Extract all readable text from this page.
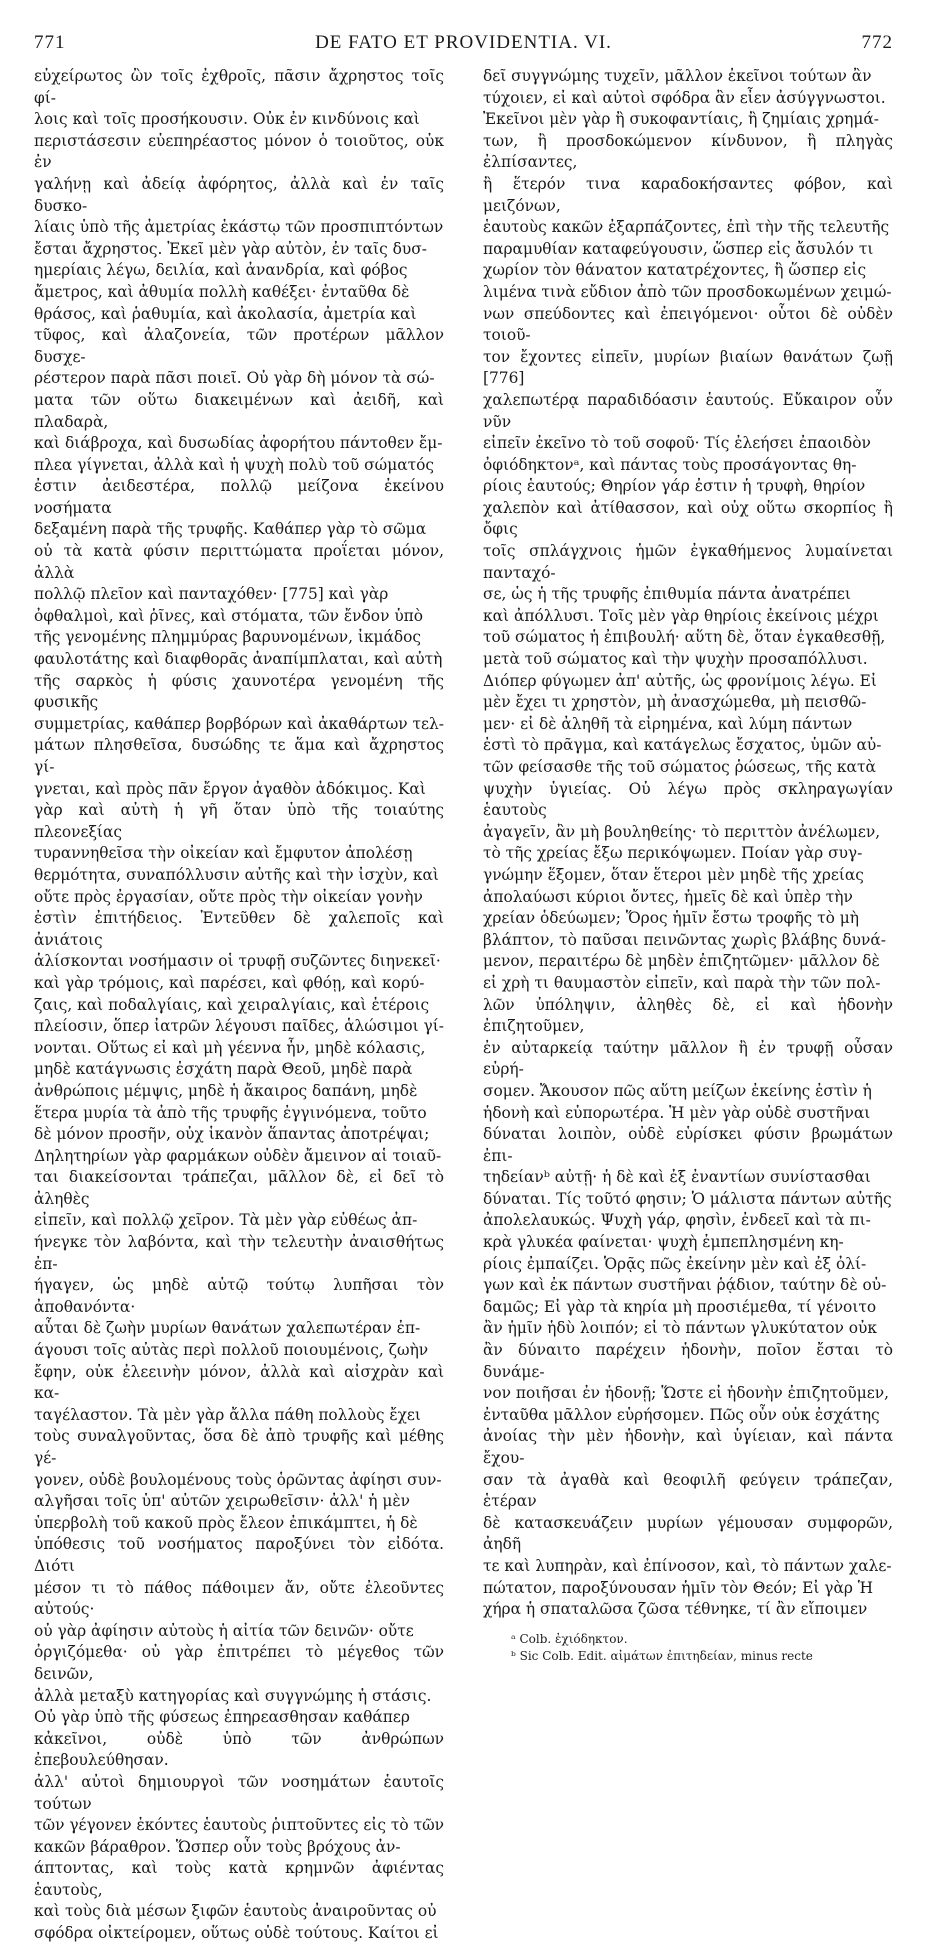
771	DE FATO ET PROVIDENTIA. VI.	772

εὐχείρωτος ὢν τοῖς ἐχθροῖς, πᾶσιν ἄχρηστος τοῖς φί-

λοις καὶ τοῖς προσήκουσιν. Οὐκ ἐν κινδύνοις καὶ

περιστάσεσιν εὐεπηρέαστος μόνον ὁ τοιοῦτος, οὐκ ἐν

γαλήνῃ καὶ ἀδείᾳ ἀφόρητος, ἀλλὰ καὶ ἐν ταῖς δυσκο-

λίαις ὑπὸ τῆς ἀμετρίας ἑκάστῳ τῶν προσπιπτόντων

ἔσται ἄχρηστος. Ἐκεῖ μὲν γὰρ αὐτὸν, ἐν ταῖς δυσ-

ημερίαις λέγω, δειλία, καὶ ἀνανδρία, καὶ φόβος

ἄμετρος, καὶ ἀθυμία πολλὴ καθέξει· ἐνταῦθα δὲ

θράσος, καὶ ῥαθυμία, καὶ ἀκολασία, ἀμετρία καὶ

τῦφος, καὶ ἀλαζονεία, τῶν προτέρων μᾶλλον δυσχε-

ρέστερον παρὰ πᾶσι ποιεῖ. Οὐ γὰρ δὴ μόνον τὰ σώ-

ματα τῶν οὕτω διακειμένων καὶ ἀειδῆ, καὶ πλαδαρὰ,

καὶ διάβροχα, καὶ δυσωδίας ἀφορήτου πάντοθεν ἔμ-

πλεα γίγνεται, ἀλλὰ καὶ ἡ ψυχὴ πολὺ τοῦ σώματός

ἐστιν ἀειδεστέρα, πολλῷ μείζονα ἐκείνου νοσήματα

δεξαμένη παρὰ τῆς τρυφῆς. Καθάπερ γὰρ τὸ σῶμα

οὐ τὰ κατὰ φύσιν περιττώματα προΐεται μόνον, ἀλλὰ

πολλῷ πλεῖον καὶ πανταχόθεν· [775] καὶ γὰρ

ὀφθαλμοὶ, καὶ ῥῖνες, καὶ στόματα, τῶν ἔνδον ὑπὸ

τῆς γενομένης πλημμύρας βαρυνομένων, ἰκμάδος

φαυλοτάτης καὶ διαφθορᾶς ἀναπίμπλαται, καὶ αὐτὴ

τῆς σαρκὸς ἡ φύσις χαυνοτέρα γενομένη τῆς φυσικῆς

συμμετρίας, καθάπερ βορβόρων καὶ ἀκαθάρτων τελ-

μάτων πλησθεῖσα, δυσώδης τε ἅμα καὶ ἄχρηστος γί-

γνεται, καὶ πρὸς πᾶν ἔργον ἀγαθὸν ἀδόκιμος. Καὶ

γὰρ καὶ αὐτὴ ἡ γῆ ὅταν ὑπὸ τῆς τοιαύτης πλεονεξίας

τυραννηθεῖσα τὴν οἰκείαν καὶ ἔμφυτον ἀπολέσῃ

θερμότητα, συναπόλλυσιν αὐτῆς καὶ τὴν ἰσχὺν, καὶ

οὔτε πρὸς ἐργασίαν, οὔτε πρὸς τὴν οἰκείαν γονὴν

ἐστὶν ἐπιτήδειος. Ἐντεῦθεν δὲ χαλεποῖς καὶ ἀνιάτοις

ἁλίσκονται νοσήμασιν οἱ τρυφῇ συζῶντες διηνεκεῖ·

καὶ γὰρ τρόμοις, καὶ παρέσει, καὶ φθόῃ, καὶ κορύ-

ζαις, καὶ ποδαλγίαις, καὶ χειραλγίαις, καὶ ἑτέροις

πλείοσιν, ὅπερ ἰατρῶν λέγουσι παῖδες, ἁλώσιμοι γί-

νονται. Οὕτως εἰ καὶ μὴ γέεννα ἦν, μηδὲ κόλασις,

μηδὲ κατάγνωσις ἐσχάτη παρὰ Θεοῦ, μηδὲ παρὰ

ἀνθρώποις μέμψις, μηδὲ ἡ ἄκαιρος δαπάνη, μηδὲ

ἕτερα μυρία τὰ ἀπὸ τῆς τρυφῆς ἐγγινόμενα, τοῦτο

δὲ μόνον προσῆν, οὐχ ἱκανὸν ἅπαντας ἀποτρέψαι;

Δηλητηρίων γὰρ φαρμάκων οὐδὲν ἄμεινον αἱ τοιαῦ-

ται διακείσονται τράπεζαι, μᾶλλον δὲ, εἰ δεῖ τὸ ἀληθὲς

εἰπεῖν, καὶ πολλῷ χεῖρον. Τὰ μὲν γὰρ εὐθέως ἀπ-

ήνεγκε τὸν λαβόντα, καὶ τὴν τελευτὴν ἀναισθήτως ἐπ-

ήγαγεν, ὡς μηδὲ αὐτῷ τούτῳ λυπῆσαι τὸν ἀποθανόντα·

αὗται δὲ ζωὴν μυρίων θανάτων χαλεπωτέραν ἐπ-

άγουσι τοῖς αὐτὰς περὶ πολλοῦ ποιουμένοις, ζωὴν

ἔφην, οὐκ ἐλεεινὴν μόνον, ἀλλὰ καὶ αἰσχρὰν καὶ κα-

ταγέλαστον. Τὰ μὲν γὰρ ἄλλα πάθη πολλοὺς ἔχει

τοὺς συναλγοῦντας, ὅσα δὲ ἀπὸ τρυφῆς καὶ μέθης γέ-

γονεν, οὐδὲ βουλομένους τοὺς ὁρῶντας ἀφίησι συν-

αλγῆσαι τοῖς ὑπ' αὐτῶν χειρωθεῖσιν· ἀλλ' ἡ μὲν

ὑπερβολὴ τοῦ κακοῦ πρὸς ἔλεον ἐπικάμπτει, ἡ δὲ

ὑπόθεσις τοῦ νοσήματος παροξύνει τὸν εἰδότα. Διότι

μέσον τι τὸ πάθος πάθοιμεν ἄν, οὔτε ἐλεοῦντες αὐτούς·

οὐ γὰρ ἀφίησιν αὐτοὺς ἡ αἰτία τῶν δεινῶν· οὔτε

ὀργιζόμεθα· οὐ γὰρ ἐπιτρέπει τὸ μέγεθος τῶν δεινῶν,

ἀλλὰ μεταξὺ κατηγορίας καὶ συγγνώμης ἡ στάσις.

Οὐ γὰρ ὑπὸ τῆς φύσεως ἐπηρεασθησαν καθάπερ

κἀκεῖνοι, οὐδὲ ὑπὸ τῶν ἀνθρώπων ἐπεβουλεύθησαν.

ἀλλ' αὐτοὶ δημιουργοὶ τῶν νοσημάτων ἑαυτοῖς τούτων

τῶν γέγονεν ἑκόντες ἑαυτοὺς ῥιπτοῦντες εἰς τὸ τῶν

κακῶν βάραθρον. Ὥσπερ οὖν τοὺς βρόχους ἀν-

άπτοντας, καὶ τοὺς κατὰ κρημνῶν ἀφιέντας ἑαυτοὺς,

καὶ τοὺς διὰ μέσων ξιφῶν ἑαυτοὺς ἀναιροῦντας οὐ

σφόδρα οἰκτείρομεν, οὕτως οὐδὲ τούτους. Καίτοι εἰ

δεῖ συγγνώμης τυχεῖν, μᾶλλον ἐκεῖνοι τούτων ἂν

τύχοιεν, εἰ καὶ αὐτοὶ σφόδρα ἂν εἶεν ἀσύγγνωστοι.

Ἐκεῖνοι μὲν γὰρ ἢ συκοφαντίαις, ἢ ζημίαις χρημά-

των, ἢ προσδοκώμενον κίνδυνον, ἢ πληγὰς ἐλπίσαντες,

ἢ ἕτερόν τινα καραδοκήσαντες φόβον, καὶ μειζόνων,

ἑαυτοὺς κακῶν ἐξαρπάζοντες, ἐπὶ τὴν τῆς τελευτῆς

παραμυθίαν καταφεύγουσιν, ὥσπερ εἰς ἄσυλόν τι

χωρίον τὸν θάνατον κατατρέχοντες, ἢ ὥσπερ εἰς

λιμένα τινὰ εὔδιον ἀπὸ τῶν προσδοκωμένων χειμώ-

νων σπεύδοντες καὶ ἐπειγόμενοι· οὗτοι δὲ οὐδὲν τοιοῦ-

τον ἔχοντες εἰπεῖν, μυρίων βιαίων θανάτων ζωῇ [776]

χαλεπωτέρᾳ παραδιδόασιν ἑαυτούς. Εὔκαιρον οὖν νῦν

εἰπεῖν ἐκεῖνο τὸ τοῦ σοφοῦ· Τίς ἐλεήσει ἐπαοιδὸν

ὀφιόδηκτονᵃ, καὶ πάντας τοὺς προσάγοντας θη-

ρίοις ἑαυτούς; Θηρίον γάρ ἐστιν ἡ τρυφὴ, θηρίον

χαλεπὸν καὶ ἀτίθασσον, καὶ οὐχ οὕτω σκορπίος ἢ ὄφις

τοῖς σπλάγχνοις ἡμῶν ἐγκαθήμενος λυμαίνεται πανταχό-

σε, ὡς ἡ τῆς τρυφῆς ἐπιθυμία πάντα ἀνατρέπει

καὶ ἀπόλλυσι. Τοῖς μὲν γὰρ θηρίοις ἐκείνοις μέχρι

τοῦ σώματος ἡ ἐπιβουλή· αὕτη δὲ, ὅταν ἐγκαθεσθῇ,

μετὰ τοῦ σώματος καὶ τὴν ψυχὴν προσαπόλλυσι.

Διόπερ φύγωμεν ἀπ' αὐτῆς, ὡς φρονίμοις λέγω. Εἰ

μὲν ἔχει τι χρηστὸν, μὴ ἀνασχώμεθα, μὴ πεισθῶ-

μεν· εἰ δὲ ἀληθῆ τὰ εἰρημένα, καὶ λύμη πάντων

ἐστὶ τὸ πρᾶγμα, καὶ κατάγελως ἔσχατος, ὑμῶν αὐ-

τῶν φείσασθε τῆς τοῦ σώματος ῥώσεως, τῆς κατὰ

ψυχὴν ὑγιείας. Οὐ λέγω πρὸς σκληραγωγίαν ἑαυτοὺς

ἀγαγεῖν, ἂν μὴ βουληθείης· τὸ περιττὸν ἀνέλωμεν,

τὸ τῆς χρείας ἔξω περικόψωμεν. Ποίαν γὰρ συγ-

γνώμην ἕξομεν, ὅταν ἕτεροι μὲν μηδὲ τῆς χρείας

ἀπολαύωσι κύριοι ὄντες, ἡμεῖς δὲ καὶ ὑπὲρ τὴν

χρείαν ὁδεύωμεν; Ὅρος ἡμῖν ἔστω τροφῆς τὸ μὴ

βλάπτον, τὸ παῦσαι πεινῶντας χωρὶς βλάβης δυνά-

μενον, περαιτέρω δὲ μηδὲν ἐπιζητῶμεν· μᾶλλον δὲ

εἰ χρὴ τι θαυμαστὸν εἰπεῖν, καὶ παρὰ τὴν τῶν πολ-

λῶν ὑπόληψιν, ἀληθὲς δὲ, εἰ καὶ ἡδονὴν ἐπιζητοῦμεν,

ἐν αὐταρκείᾳ ταύτην μᾶλλον ἢ ἐν τρυφῇ οὖσαν εὑρή-

σομεν. Ἄκουσον πῶς αὕτη μείζων ἐκείνης ἐστὶν ἡ

ἡδονὴ καὶ εὐπορωτέρα. Ἡ μὲν γὰρ οὐδὲ συστῆναι

δύναται λοιπὸν, οὐδὲ εὑρίσκει φύσιν βρωμάτων ἐπι-

τηδείανᵇ αὐτῇ· ἡ δὲ καὶ ἐξ ἐναντίων συνίστασθαι

δύναται. Τίς τοῦτό φησιν; Ὁ μάλιστα πάντων αὐτῆς

ἀπολελαυκώς. Ψυχὴ γάρ, φησὶν, ἐνδεεῖ καὶ τὰ πι-

κρὰ γλυκέα φαίνεται· ψυχὴ ἐμπεπλησμένη κη-

ρίοις ἐμπαίζει. Ὁρᾷς πῶς ἐκείνην μὲν καὶ ἐξ ὀλί-

γων καὶ ἐκ πάντων συστῆναι ῥᾴδιον, ταύτην δὲ οὐ-

δαμῶς; Εἰ γὰρ τὰ κηρία μὴ προσιέμεθα, τί γένοιτο

ἂν ἡμῖν ἡδὺ λοιπόν; εἰ τὸ πάντων γλυκύτατον οὐκ

ἂν δύναιτο παρέχειν ἡδονὴν, ποῖον ἔσται τὸ δυνάμε-

νον ποιῆσαι ἐν ἡδονῇ; Ὥστε εἰ ἡδονὴν ἐπιζητοῦμεν,

ἐνταῦθα μᾶλλον εὑρήσομεν. Πῶς οὖν οὐκ ἐσχάτης

ἀνοίας τὴν μὲν ἡδονὴν, καὶ ὑγίειαν, καὶ πάντα ἔχου-

σαν τὰ ἀγαθὰ καὶ θεοφιλῆ φεύγειν τράπεζαν, ἑτέραν

δὲ κατασκευάζειν μυρίων γέμουσαν συμφορῶν, ἀηδῆ

τε καὶ λυπηρὰν, καὶ ἐπίνοσον, καὶ, τὸ πάντων χαλε-

πώτατον, παροξύνουσαν ἡμῖν τὸν Θεόν; Εἰ γὰρ Ἡ

χήρα ἡ σπαταλῶσα ζῶσα τέθνηκε, τί ἂν εἴποιμεν

ᵃ Colb. ἐχιόδηκτον.
ᵇ Sic Colb. Edit. αἰμάτων ἐπιτηδείαν, minus recte
